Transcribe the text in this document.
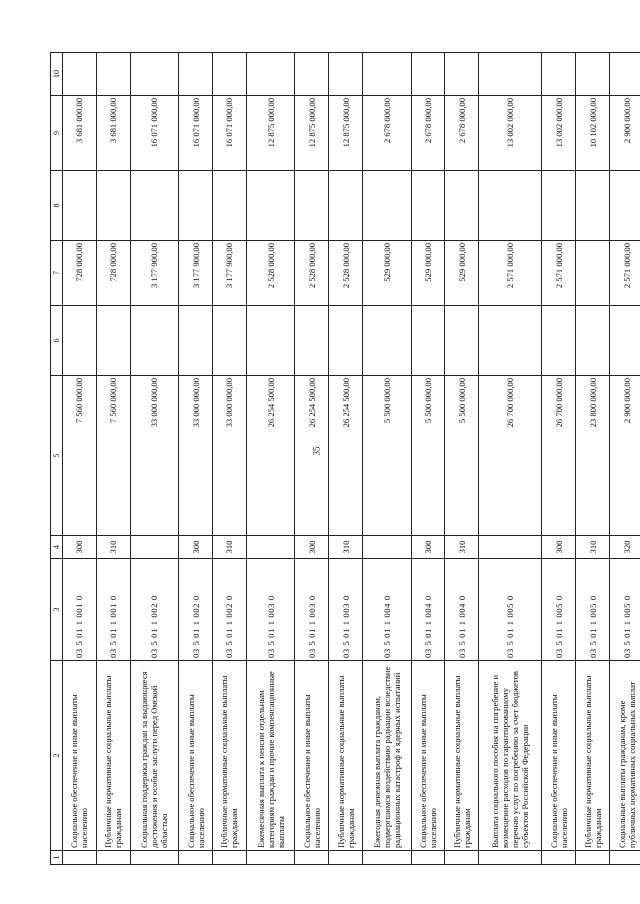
35
1	2	3	4	5	6	7	8	9	10
	Социальное обеспечение и иные выплаты населению	03 5 01 1 001 0	300	7 560 000,00		728 000,00		3 681 000,00	
	Публичные нормативные социальные выплаты гражданам	03 5 01 1 001 0	310	7 560 000,00		728 000,00		3 681 000,00	
	Социальная поддержка граждан за выдающиеся достижения и особые заслуги перед Омской областью	03 5 01 1 002 0		33 000 000,00		3 177 900,00		16 071 000,00	
	Социальное обеспечение и иные выплаты населению	03 5 01 1 002 0	300	33 000 000,00		3 177 900,00		16 071 000,00	
	Публичные нормативные социальные выплаты гражданам	03 5 01 1 002 0	310	33 000 000,00		3 177 900,00		16 071 000,00	
	Ежемесячная выплата к пенсии отдельным категориям граждан и прочие компенсационные выплаты	03 5 01 1 003 0		26 254 500,00		2 528 000,00		12 875 000,00	
	Социальное обеспечение и иные выплаты населению	03 5 01 1 003 0	300	26 254 500,00		2 528 000,00		12 875 000,00	
	Публичные нормативные социальные выплаты гражданам	03 5 01 1 003 0	310	26 254 500,00		2 528 000,00		12 875 000,00	
	Ежегодная денежная выплата гражданам, подвергшимся воздействию радиации вследствие радиационных катастроф и ядерных испытаний	03 5 01 1 004 0		5 500 000,00		529 000,00		2 678 000,00	
	Социальное обеспечение и иные выплаты населению	03 5 01 1 004 0	300	5 500 000,00		529 000,00		2 678 000,00	
	Публичные нормативные социальные выплаты гражданам	03 5 01 1 004 0	310	5 500 000,00		529 000,00		2 678 000,00	
	Выплата социального пособия на погребение и возмещение расходов по гарантированному перечню услуг по погребению за счет бюджетов субъектов Российской Федерации	03 5 01 1 005 0		26 700 000,00		2 571 000,00		13 002 000,00	
	Социальное обеспечение и иные выплаты населению	03 5 01 1 005 0	300	26 700 000,00		2 571 000,00		13 002 000,00	
	Публичные нормативные социальные выплаты гражданам	03 5 01 1 005 0	310	23 800 000,00				10 102 000,00	
	Социальные выплаты гражданам, кроме публичных нормативных социальных выплат	03 5 01 1 005 0	320	2 900 000,00		2 571 000,00		2 900 000,00	
